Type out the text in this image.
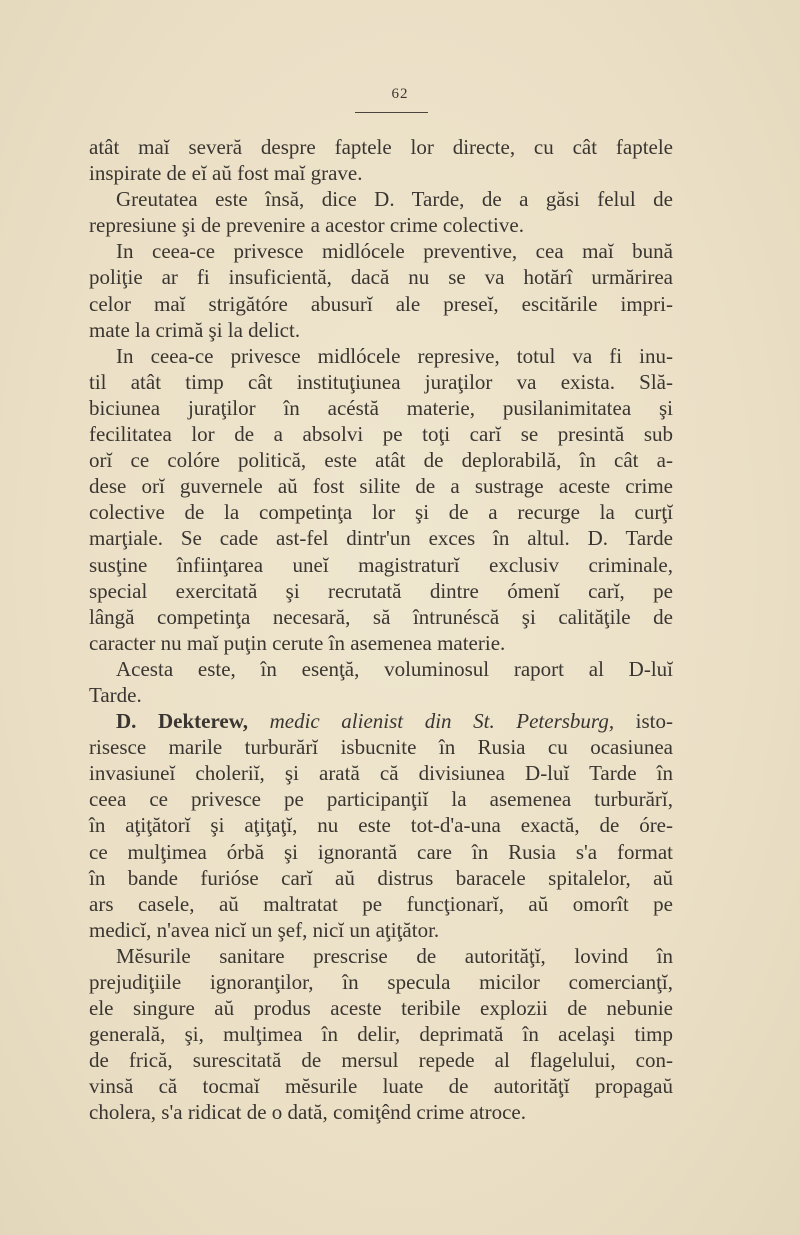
62
atât maĭ severă despre faptele lor directe, cu cât faptele
inspirate de eĭ aŭ fost maĭ grave.
Greutatea este însă, dice D. Tarde, de a găsi felul de
represiune şi de prevenire a acestor crime colective.
In ceea-ce privesce midlócele preventive, cea maĭ bună
poliţie ar fi insuficientă, dacă nu se va hotărî urmărirea
celor maĭ strigătóre abusurĭ ale preseĭ, escitările impri-
mate la crimă şi la delict.
In ceea-ce privesce midlócele represive, totul va fi inu-
til atât timp cât instituţiunea juraţilor va exista. Slă-
biciunea juraţilor în acéstă materie, pusilanimitatea şi
fecilitatea lor de a absolvi pe toţi carĭ se presintă sub
orĭ ce colóre politică, este atât de deplorabilă, în cât a-
dese orĭ guvernele aŭ fost silite de a sustrage aceste crime
colective de la competinţa lor şi de a recurge la curţĭ
marţiale. Se cade ast-fel dintr'un exces în altul. D. Tarde
susţine înfiinţarea uneĭ magistraturĭ exclusiv criminale,
special exercitată şi recrutată dintre ómenĭ carĭ, pe
lângă competinţa necesară, să întrunéscă şi calităţile de
caracter nu maĭ puţin cerute în asemenea materie.
Acesta este, în esenţă, voluminosul raport al D-luĭ
Tarde.
D. Dekterew, medic alienist din St. Petersburg, isto-
risesce marile turburărĭ isbucnite în Rusia cu ocasiunea
invasiuneĭ choleriĭ, şi arată că divisiunea D-luĭ Tarde în
ceea ce privesce pe participanţiĭ la asemenea turburărĭ,
în aţiţătorĭ şi aţiţaţĭ, nu este tot-d'a-una exactă, de óre-
ce mulţimea órbă şi ignorantă care în Rusia s'a format
în bande furióse carĭ aŭ distrus baracele spitalelor, aŭ
ars casele, aŭ maltratat pe funcţionarĭ, aŭ omorît pe
medicĭ, n'avea nicĭ un şef, nicĭ un aţiţător.
Mĕsurile sanitare prescrise de autorităţĭ, lovind în
prejudiţiile ignoranţilor, în specula micilor comercianţĭ,
ele singure aŭ produs aceste teribile explozii de nebunie
generală, şi, mulţimea în delir, deprimată în acelaşi timp
de frică, surescitată de mersul repede al flagelului, con-
vinsă că tocmaĭ mĕsurile luate de autorităţĭ propagaŭ
cholera, s'a ridicat de o dată, comiţênd crime atroce.
